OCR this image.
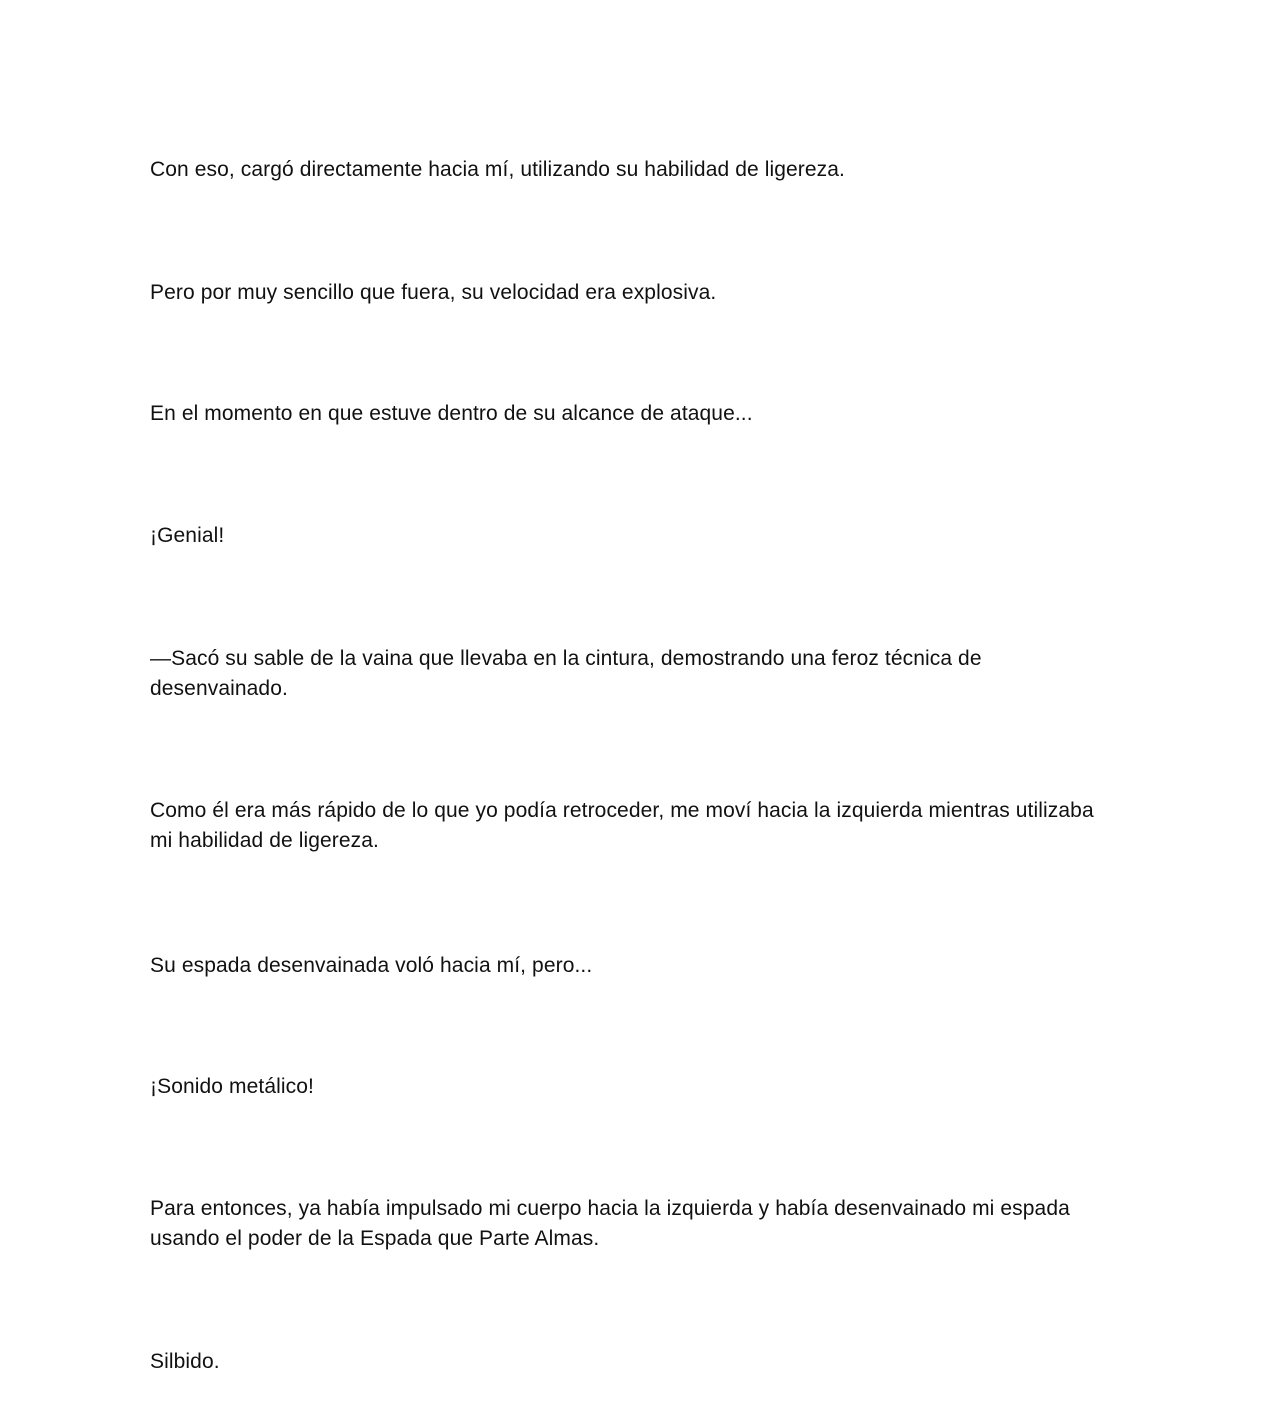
Con eso, cargó directamente hacia mí, utilizando su habilidad de ligereza.

Pero por muy sencillo que fuera, su velocidad era explosiva.

En el momento en que estuve dentro de su alcance de ataque...

¡Genial!

—Sacó su sable de la vaina que llevaba en la cintura, demostrando una feroz técnica de desenvainado.

Como él era más rápido de lo que yo podía retroceder, me moví hacia la izquierda mientras utilizaba mi habilidad de ligereza.

Su espada desenvainada voló hacia mí, pero...

¡Sonido metálico!

Para entonces, ya había impulsado mi cuerpo hacia la izquierda y había desenvainado mi espada usando el poder de la Espada que Parte Almas.

Silbido.
